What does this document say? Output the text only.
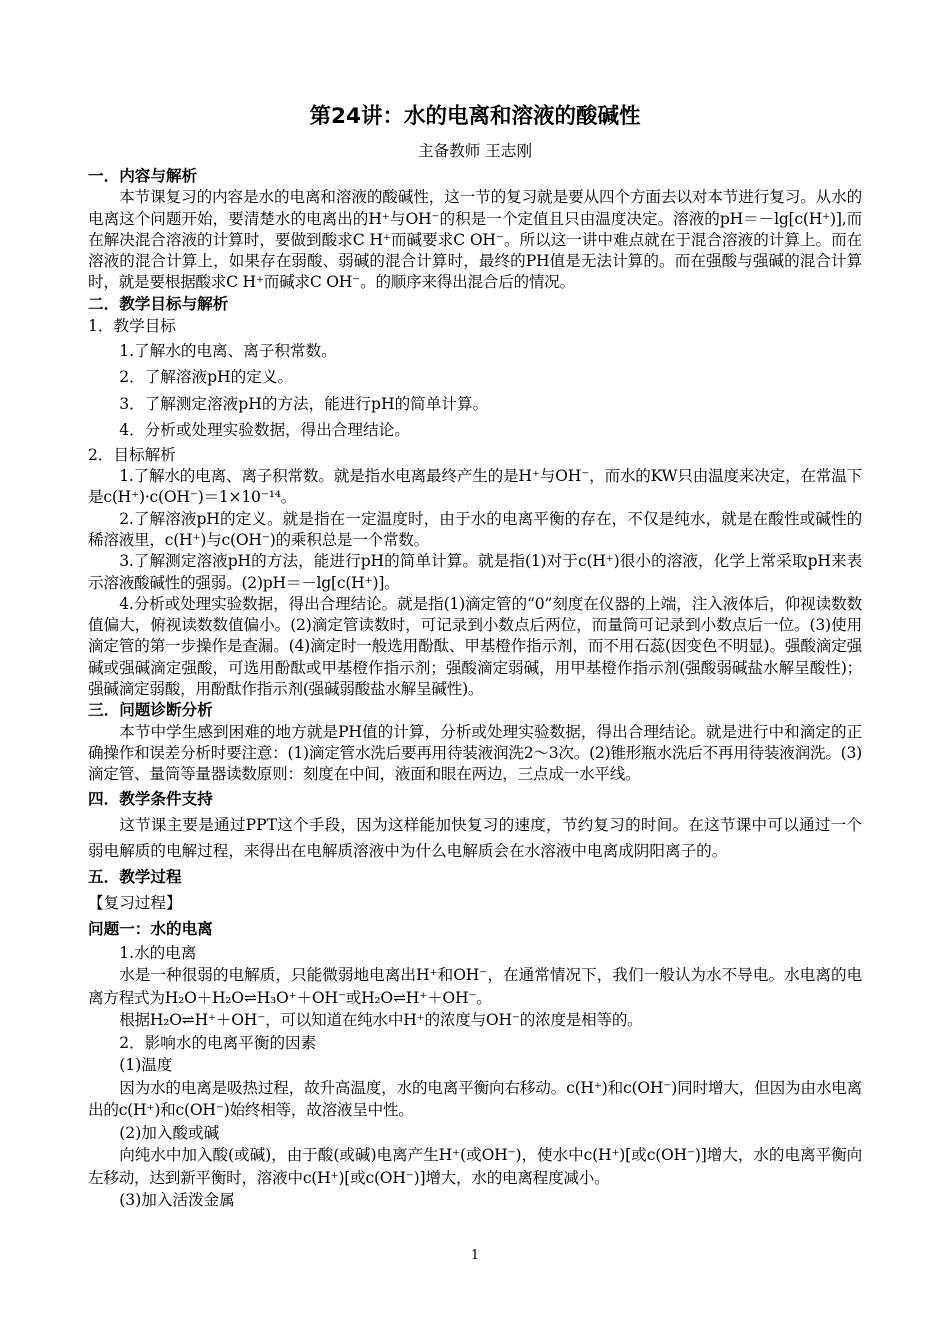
第24讲：水的电离和溶液的酸碱性
主备教师 王志刚
一．内容与解析

本节课复习的内容是水的电离和溶液的酸碱性，这一节的复习就是要从四个方面去以对本节进行复习。从水的电离这个问题开始，要清楚水的电离出的H⁺与OH⁻的积是一个定值且只由温度决定。溶液的pH＝－lg[c(H⁺)],而在解决混合溶液的计算时，要做到酸求C H⁺而碱要求C OH⁻。所以这一讲中难点就在于混合溶液的计算上。而在溶液的混合计算上，如果存在弱酸、弱碱的混合计算时，最终的PH值是无法计算的。而在强酸与强碱的混合计算时，就是要根据酸求C H⁺而碱求C OH⁻。的顺序来得出混合后的情况。

二．教学目标与解析

1．教学目标

1.了解水的电离、离子积常数。

2．了解溶液pH的定义。

3．了解测定溶液pH的方法，能进行pH的简单计算。

4．分析或处理实验数据，得出合理结论。

2．目标解析

1.了解水的电离、离子积常数。就是指水电离最终产生的是H⁺与OH⁻，而水的KW只由温度来决定，在常温下是c(H⁺)·c(OH⁻)＝1×10⁻¹⁴。

2.了解溶液pH的定义。就是指在一定温度时，由于水的电离平衡的存在，不仅是纯水，就是在酸性或碱性的稀溶液里，c(H⁺)与c(OH⁻)的乘积总是一个常数。

3.了解测定溶液pH的方法，能进行pH的简单计算。就是指(1)对于c(H⁺)很小的溶液，化学上常采取pH来表示溶液酸碱性的强弱。(2)pH＝－lg[c(H⁺)]。

4.分析或处理实验数据，得出合理结论。就是指(1)滴定管的“0”刻度在仪器的上端，注入液体后，仰视读数数值偏大，俯视读数数值偏小。(2)滴定管读数时，可记录到小数点后两位，而量筒可记录到小数点后一位。(3)使用滴定管的第一步操作是查漏。(4)滴定时一般选用酚酞、甲基橙作指示剂，而不用石蕊(因变色不明显)。强酸滴定强碱或强碱滴定强酸，可选用酚酞或甲基橙作指示剂；强酸滴定弱碱，用甲基橙作指示剂(强酸弱碱盐水解呈酸性)；强碱滴定弱酸，用酚酞作指示剂(强碱弱酸盐水解呈碱性)。

三．问题诊断分析

本节中学生感到困难的地方就是PH值的计算，分析或处理实验数据，得出合理结论。就是进行中和滴定的正确操作和误差分析时要注意：(1)滴定管水洗后要再用待装液润洗2～3次。(2)锥形瓶水洗后不再用待装液润洗。(3)滴定管、量筒等量器读数原则：刻度在中间，液面和眼在两边，三点成一水平线。

四．教学条件支持

这节课主要是通过PPT这个手段，因为这样能加快复习的速度，节约复习的时间。在这节课中可以通过一个弱电解质的电解过程，来得出在电解质溶液中为什么电解质会在水溶液中电离成阴阳离子的。

五．教学过程

【复习过程】

问题一：水的电离

1.水的电离

水是一种很弱的电解质，只能微弱地电离出H⁺和OH⁻，在通常情况下，我们一般认为水不导电。水电离的电离方程式为H₂O＋H₂O⇌H₃O⁺＋OH⁻或H₂O⇌H⁺＋OH⁻。

根据H₂O⇌H⁺＋OH⁻，可以知道在纯水中H⁺的浓度与OH⁻的浓度是相等的。

2．影响水的电离平衡的因素

(1)温度

因为水的电离是吸热过程，故升高温度，水的电离平衡向右移动。c(H⁺)和c(OH⁻)同时增大，但因为由水电离出的c(H⁺)和c(OH⁻)始终相等，故溶液呈中性。

(2)加入酸或碱

向纯水中加入酸(或碱)，由于酸(或碱)电离产生H⁺(或OH⁻)，使水中c(H⁺)[或c(OH⁻)]增大，水的电离平衡向左移动，达到新平衡时，溶液中c(H⁺)[或c(OH⁻)]增大，水的电离程度减小。

(3)加入活泼金属

1
